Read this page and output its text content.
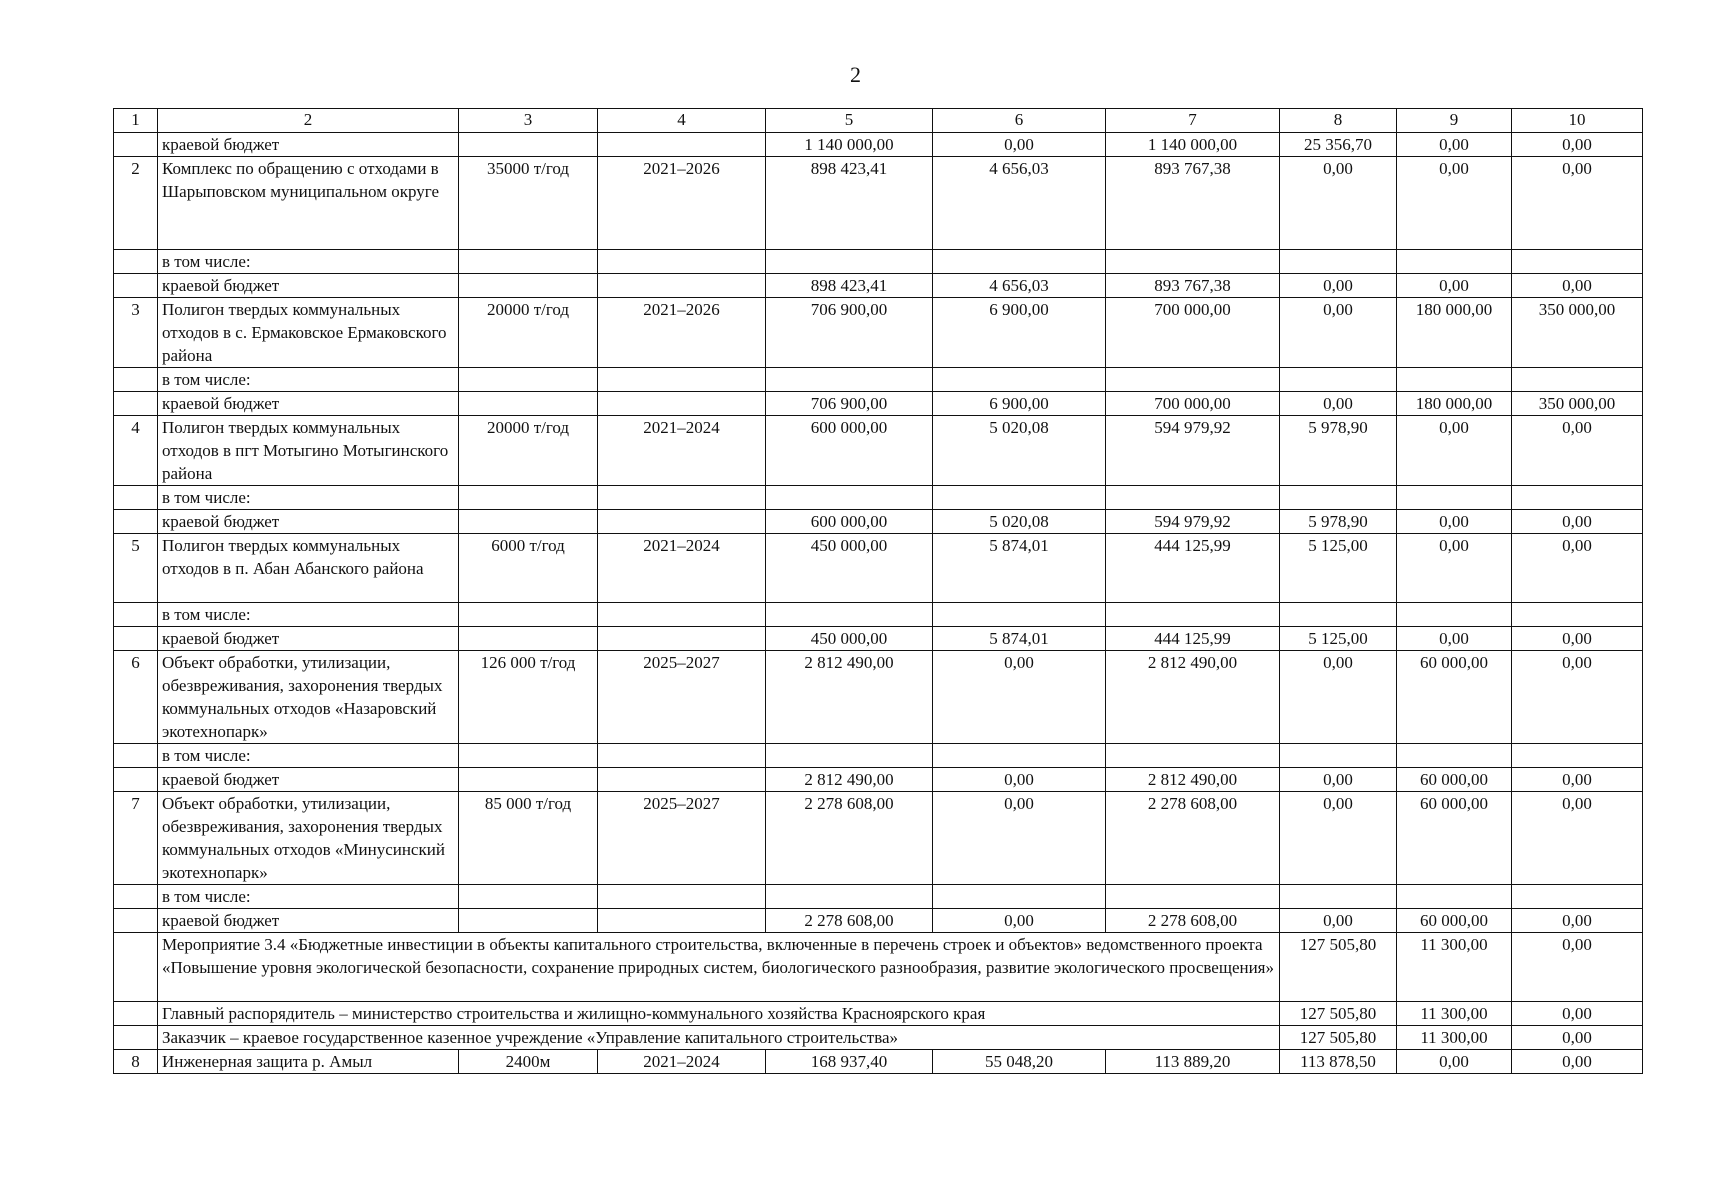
2
1	2	3	4	5	6	7	8	9	10
	краевой бюджет			1 140 000,00	0,00	1 140 000,00	25 356,70	0,00	0,00
2	Комплекс по обращению с отходами в Шарыповском муниципальном округе	35000 т/год	2021–2026	898 423,41	4 656,03	893 767,38	0,00	0,00	0,00
	в том числе:								
	краевой бюджет			898 423,41	4 656,03	893 767,38	0,00	0,00	0,00
3	Полигон твердых коммунальных отходов в с. Ермаковское Ермаковского района	20000 т/год	2021–2026	706 900,00	6 900,00	700 000,00	0,00	180 000,00	350 000,00
	в том числе:								
	краевой бюджет			706 900,00	6 900,00	700 000,00	0,00	180 000,00	350 000,00
4	Полигон твердых коммунальных отходов в пгт Мотыгино Мотыгинского района	20000 т/год	2021–2024	600 000,00	5 020,08	594 979,92	5 978,90	0,00	0,00
	в том числе:								
	краевой бюджет			600 000,00	5 020,08	594 979,92	5 978,90	0,00	0,00
5	Полигон твердых коммунальных отходов в п. Абан Абанского района	6000 т/год	2021–2024	450 000,00	5 874,01	444 125,99	5 125,00	0,00	0,00
	в том числе:								
	краевой бюджет			450 000,00	5 874,01	444 125,99	5 125,00	0,00	0,00
6	Объект обработки, утилизации, обезвреживания, захоронения твердых коммунальных отходов «Назаровский экотехнопарк»	126 000 т/год	2025–2027	2 812 490,00	0,00	2 812 490,00	0,00	60 000,00	0,00
	в том числе:								
	краевой бюджет			2 812 490,00	0,00	2 812 490,00	0,00	60 000,00	0,00
7	Объект обработки, утилизации, обезвреживания, захоронения твердых коммунальных отходов «Минусинский экотехнопарк»	85 000 т/год	2025–2027	2 278 608,00	0,00	2 278 608,00	0,00	60 000,00	0,00
	в том числе:								
	краевой бюджет			2 278 608,00	0,00	2 278 608,00	0,00	60 000,00	0,00
	Мероприятие 3.4 «Бюджетные инвестиции в объекты капитального строительства, включенные в перечень строек и объектов» ведомственного проекта «Повышение уровня экологической безопасности, сохранение природных систем, биологического разнообразия, развитие экологического просвещения»						127 505,80	11 300,00	0,00
	Главный распорядитель – министерство строительства и жилищно-коммунального хозяйства Красноярского края						127 505,80	11 300,00	0,00
	Заказчик – краевое государственное казенное учреждение «Управление капитального строительства»						127 505,80	11 300,00	0,00
8	Инженерная защита р. Амыл	2400м	2021–2024	168 937,40	55 048,20	113 889,20	113 878,50	0,00	0,00
